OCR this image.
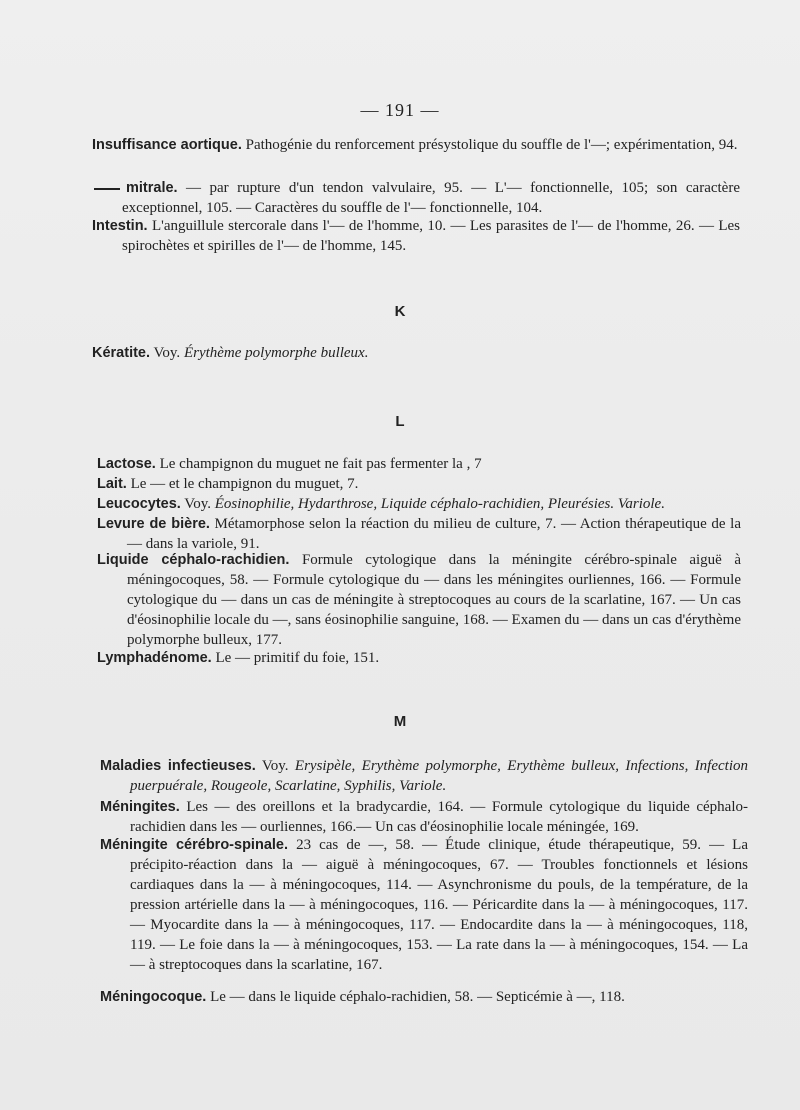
— 191 —
Insuffisance aortique. Pathogénie du renforcement présystolique du souffle de l'—; expérimentation, 94.
mitrale. — par rupture d'un tendon valvulaire, 95. — L'— fonctionnelle, 105; son caractère exceptionnel, 105. — Caractères du souffle de l'— fonctionnelle, 104.
Intestin. L'anguillule stercorale dans l'— de l'homme, 10. — Les parasites de l'— de l'homme, 26. — Les spirochètes et spirilles de l'— de l'homme, 145.
K
Kératite. Voy. Érythème polymorphe bulleux.
L
Lactose. Le champignon du muguet ne fait pas fermenter la , 7
Lait. Le — et le champignon du muguet, 7.
Leucocytes. Voy. Éosinophilie, Hydarthrose, Liquide céphalo-rachidien, Pleurésies. Variole.
Levure de bière. Métamorphose selon la réaction du milieu de culture, 7. — Action thérapeutique de la — dans la variole, 91.
Liquide céphalo-rachidien. Formule cytologique dans la méningite cérébro-spinale aiguë à méningocoques, 58. — Formule cytologique du — dans les méningites ourliennes, 166. — Formule cytologique du — dans un cas de méningite à streptocoques au cours de la scarlatine, 167. — Un cas d'éosinophilie locale du —, sans éosinophilie sanguine, 168. — Examen du — dans un cas d'érythème polymorphe bulleux, 177.
Lymphadénome. Le — primitif du foie, 151.
M
Maladies infectieuses. Voy. Erysipèle, Erythème polymorphe, Erythème bulleux, Infections, Infection puerpuérale, Rougeole, Scarlatine, Syphilis, Variole.
Méningites. Les — des oreillons et la bradycardie, 164. — Formule cytologique du liquide céphalo-rachidien dans les — ourliennes, 166.— Un cas d'éosinophilie locale méningée, 169.
Méningite cérébro-spinale. 23 cas de —, 58. — Étude clinique, étude thérapeutique, 59. — La précipito-réaction dans la — aiguë à méningocoques, 67. — Troubles fonctionnels et lésions cardiaques dans la — à méningocoques, 114. — Asynchronisme du pouls, de la température, de la pression artérielle dans la — à méningocoques, 116. — Péricardite dans la — à méningocoques, 117. — Myocardite dans la — à méningocoques, 117. — Endocardite dans la — à méningocoques, 118, 119. — Le foie dans la — à méningocoques, 153. — La rate dans la — à méningocoques, 154. — La — à streptocoques dans la scarlatine, 167.
Méningocoque. Le — dans le liquide céphalo-rachidien, 58. — Septicémie à —, 118.
